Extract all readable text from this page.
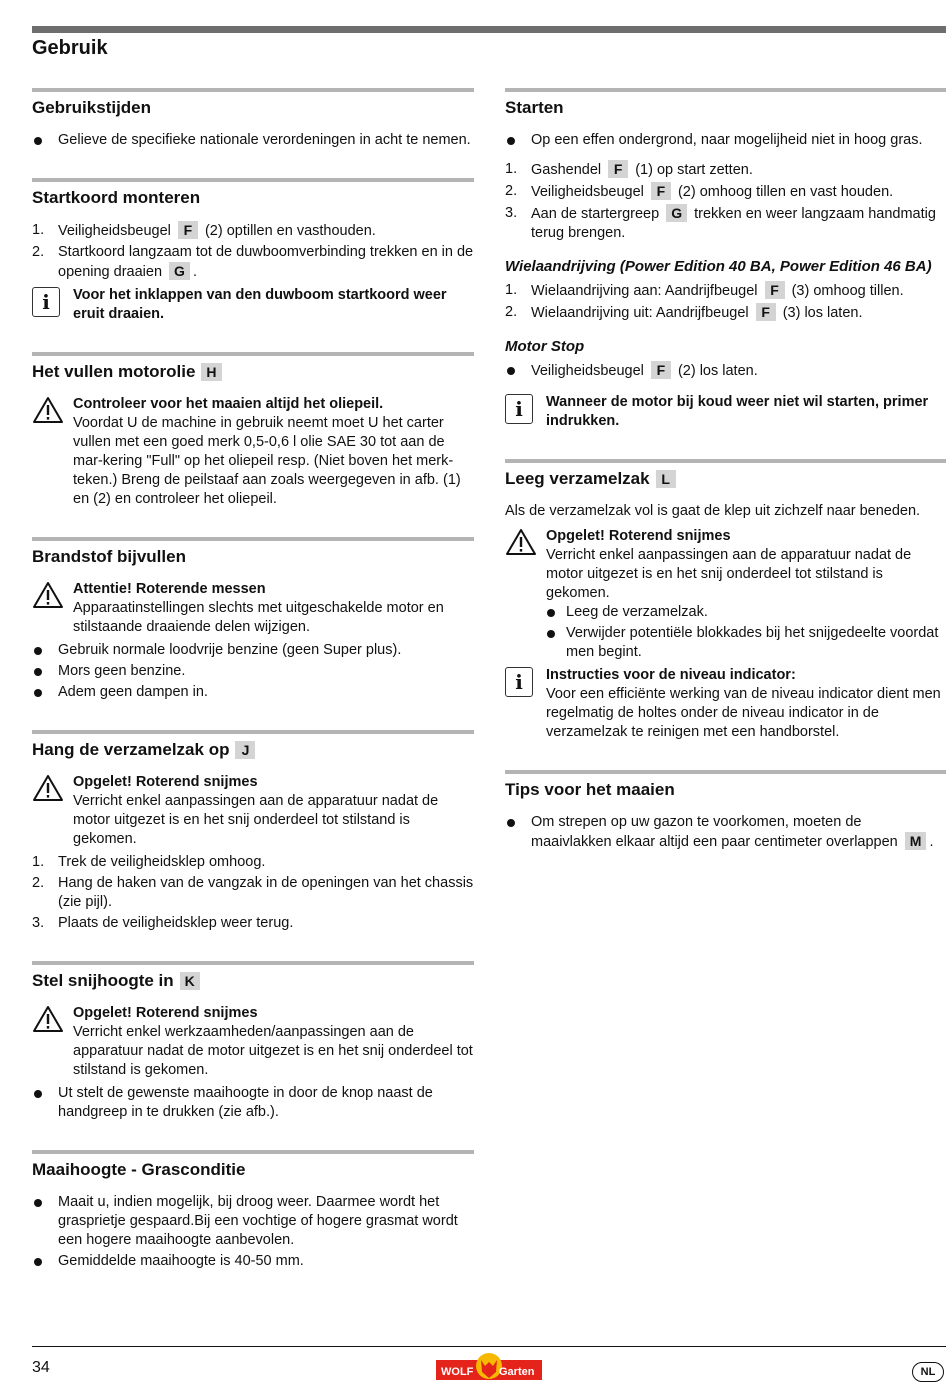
Gebruik
Gebruikstijden
Gelieve de specifieke nationale verordeningen in acht te nemen.
Startkoord monteren
1. Veiligheidsbeugel F (2) optillen en vasthouden.
2. Startkoord langzaam tot de duwboomverbinding trekken en in de opening draaien G .
i	Voor het inklappen van den duwboom startkoord weer eruit draaien.
Het vullen motorolie H
Controleer voor het maaien altijd het oliepeil.
Voordat U de machine in gebruik neemt moet U het carter vullen met een goed merk 0,5-0,6 l olie SAE 30 tot aan de mar-kering "Full" op het oliepeil resp. (Niet boven het merk-teken.) Breng de peilstaaf aan zoals weergegeven in afb. (1) en (2) en controleer het oliepeil.
Brandstof bijvullen
Attentie! Roterende messen
Apparaatinstellingen slechts met uitgeschakelde motor en stilstaande draaiende delen wijzigen.
Gebruik normale loodvrije benzine (geen Super plus).
Mors geen benzine.
Adem geen dampen in.
Hang de verzamelzak op J
Opgelet! Roterend snijmes
Verricht enkel aanpassingen aan de apparatuur nadat de motor uitgezet is en het snij onderdeel tot stilstand is gekomen.
1. Trek de veiligheidsklep omhoog.
2. Hang de haken van de vangzak in de openingen van het chassis (zie pijl).
3. Plaats de veiligheidsklep weer terug.
Stel snijhoogte in K
Opgelet! Roterend snijmes
Verricht enkel werkzaamheden/aanpassingen aan de apparatuur nadat de motor uitgezet is en het snij onderdeel tot stilstand is gekomen.
Ut stelt de gewenste maaihoogte in door de knop naast de handgreep in te drukken (zie afb.).
Maaihoogte - Grasconditie
Maait u, indien mogelijk, bij droog weer. Daarmee wordt het grasprietje gespaard.Bij een vochtige of hogere grasmat wordt een hogere maaihoogte aanbevolen.
Gemiddelde maaihoogte is 40-50 mm.
Starten
Op een effen ondergrond, naar mogelijheid niet in hoog gras.
1. Gashendel F (1) op start zetten.
2. Veiligheidsbeugel F (2) omhoog tillen en vast houden.
3. Aan de startergreep G trekken en weer langzaam handmatig terug brengen.
Wielaandrijving (Power Edition 40 BA, Power Edition 46 BA)
1. Wielaandrijving aan: Aandrijfbeugel F (3) omhoog tillen.
2. Wielaandrijving uit: Aandrijfbeugel F (3) los laten.
Motor Stop
Veiligheidsbeugel F (2) los laten.
i	Wanneer de motor bij koud weer niet wil starten, primer indrukken.
Leeg verzamelzak L
Als de verzamelzak vol is gaat de klep uit zichzelf naar beneden.
Opgelet! Roterend snijmes
Verricht enkel aanpassingen aan de apparatuur nadat de motor uitgezet is en het snij onderdeel tot stilstand is gekomen.
Leeg de verzamelzak.
Verwijder potentiële blokkades bij het snijgedeelte voordat men begint.
i	Instructies voor de niveau indicator:
Voor een efficiënte werking van de niveau indicator dient men regelmatig de holtes onder de niveau indicator in de verzamelzak te reinigen met een handborstel.
Tips voor het maaien
Om strepen op uw gazon te voorkomen, moeten de maaivlakken elkaar altijd een paar centimeter overlappen M .
34	WOLF Garten	NL
